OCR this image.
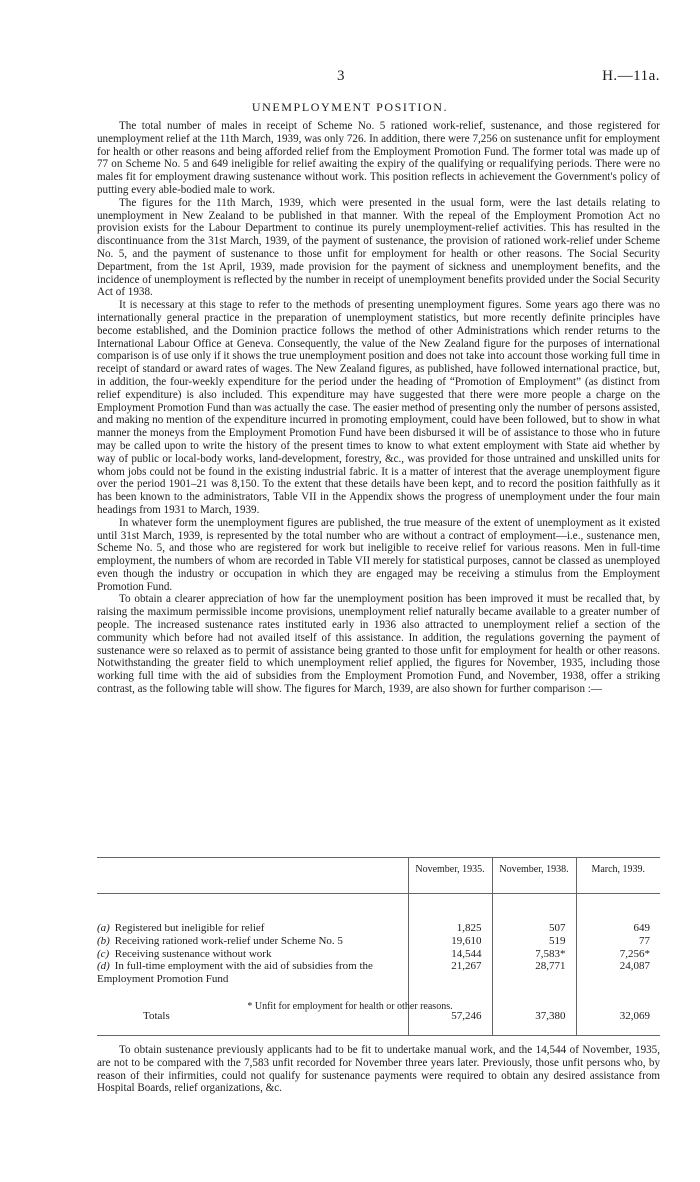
3	H.—11a.
UNEMPLOYMENT POSITION.

The total number of males in receipt of Scheme No. 5 rationed work-relief, sustenance, and those registered for unemployment relief at the 11th March, 1939, was only 726. In addition, there were 7,256 on sustenance unfit for employment for health or other reasons and being afforded relief from the Employment Promotion Fund. The former total was made up of 77 on Scheme No. 5 and 649 ineligible for relief awaiting the expiry of the qualifying or requalifying periods. There were no males fit for employment drawing sustenance without work. This position reflects in achievement the Government's policy of putting every able-bodied male to work.

The figures for the 11th March, 1939, which were presented in the usual form, were the last details relating to unemployment in New Zealand to be published in that manner. With the repeal of the Employment Promotion Act no provision exists for the Labour Department to continue its purely unemployment-relief activities. This has resulted in the discontinuance from the 31st March, 1939, of the payment of sustenance, the provision of rationed work-relief under Scheme No. 5, and the payment of sustenance to those unfit for employment for health or other reasons. The Social Security Department, from the 1st April, 1939, made provision for the payment of sickness and unemployment benefits, and the incidence of unemployment is reflected by the number in receipt of unemployment benefits provided under the Social Security Act of 1938.

It is necessary at this stage to refer to the methods of presenting unemployment figures. Some years ago there was no internationally general practice in the preparation of unemployment statistics, but more recently definite principles have become established, and the Dominion practice follows the method of other Administrations which render returns to the International Labour Office at Geneva. Consequently, the value of the New Zealand figure for the purposes of international comparison is of use only if it shows the true unemployment position and does not take into account those working full time in receipt of standard or award rates of wages. The New Zealand figures, as published, have followed international practice, but, in addition, the four-weekly expenditure for the period under the heading of “Promotion of Employment” (as distinct from relief expenditure) is also included. This expenditure may have suggested that there were more people a charge on the Employment Promotion Fund than was actually the case. The easier method of presenting only the number of persons assisted, and making no mention of the expenditure incurred in promoting employment, could have been followed, but to show in what manner the moneys from the Employment Promotion Fund have been disbursed it will be of assistance to those who in future may be called upon to write the history of the present times to know to what extent employment with State aid whether by way of public or local-body works, land-development, forestry, &c., was provided for those untrained and unskilled units for whom jobs could not be found in the existing industrial fabric. It is a matter of interest that the average unemployment figure over the period 1901–21 was 8,150. To the extent that these details have been kept, and to record the position faithfully as it has been known to the administrators, Table VII in the Appendix shows the progress of unemployment under the four main headings from 1931 to March, 1939.

In whatever form the unemployment figures are published, the true measure of the extent of unemployment as it existed until 31st March, 1939, is represented by the total number who are without a contract of employment—i.e., sustenance men, Scheme No. 5, and those who are registered for work but ineligible to receive relief for various reasons. Men in full-time employment, the numbers of whom are recorded in Table VII merely for statistical purposes, cannot be classed as unemployed even though the industry or occupation in which they are engaged may be receiving a stimulus from the Employment Promotion Fund.

To obtain a clearer appreciation of how far the unemployment position has been improved it must be recalled that, by raising the maximum permissible income provisions, unemployment relief naturally became available to a greater number of people. The increased sustenance rates instituted early in 1936 also attracted to unemployment relief a section of the community which before had not availed itself of this assistance. In addition, the regulations governing the payment of sustenance were so relaxed as to permit of assistance being granted to those unfit for employment for health or other reasons. Notwithstanding the greater field to which unemployment relief applied, the figures for November, 1935, including those working full time with the aid of subsidies from the Employment Promotion Fund, and November, 1938, offer a striking contrast, as the following table will show. The figures for March, 1939, are also shown for further comparison :—

	November, 1935.	November, 1938.	March, 1939.
(a) Registered but ineligible for relief	1,825	507	649
(b) Receiving rationed work-relief under Scheme No. 5	19,610	519	77
(c) Receiving sustenance without work	14,544	7,583*	7,256*
(d) In full-time employment with the aid of subsidies from the Employment Promotion Fund	21,267	28,771	24,087
Totals	57,246	37,380	32,069

* Unfit for employment for health or other reasons.

To obtain sustenance previously applicants had to be fit to undertake manual work, and the 14,544 of November, 1935, are not to be compared with the 7,583 unfit recorded for November three years later. Previously, those unfit persons who, by reason of their infirmities, could not qualify for sustenance payments were required to obtain any desired assistance from Hospital Boards, relief organizations, &c.
